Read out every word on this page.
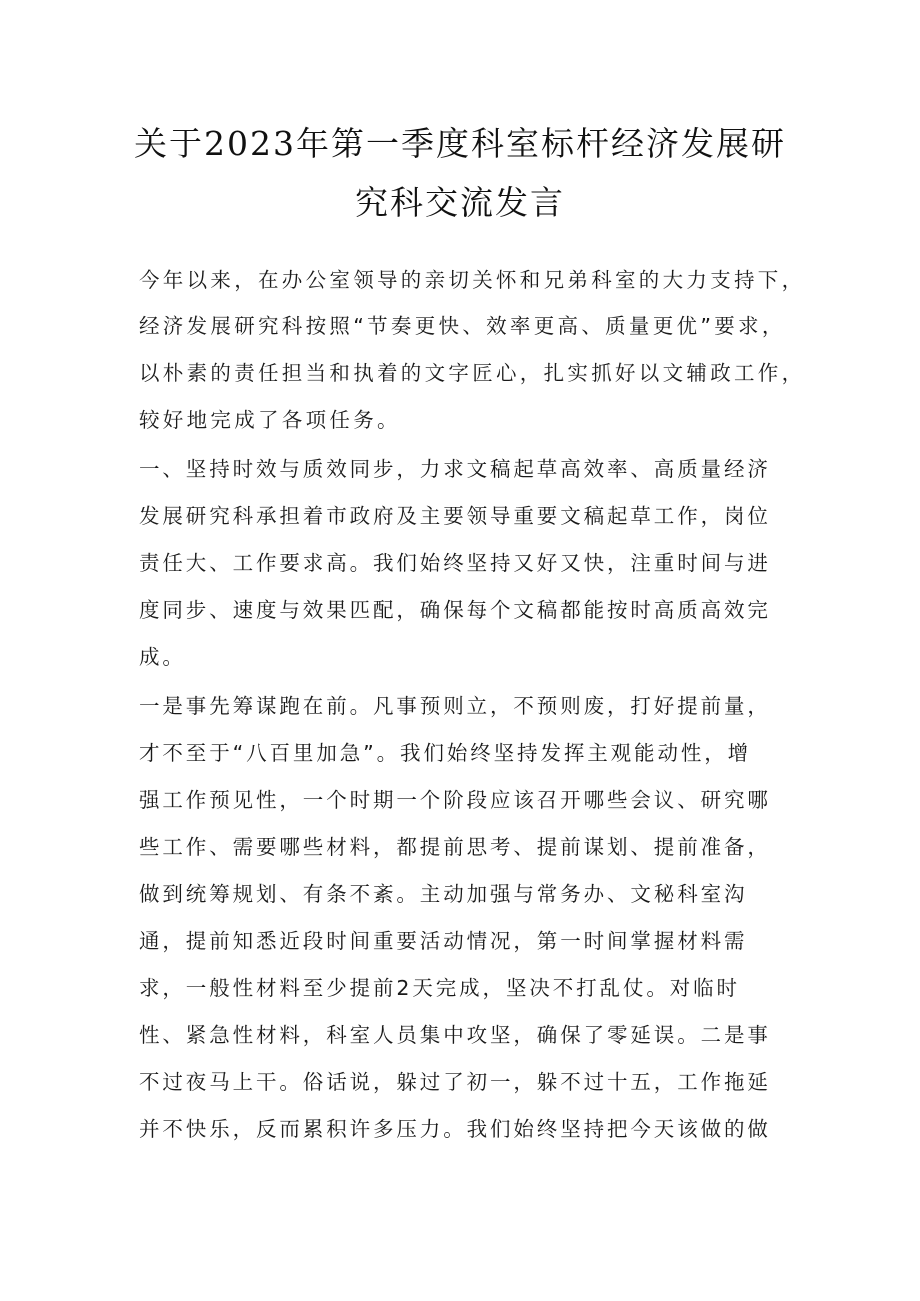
关于2023年第一季度科室标杆经济发展研
究科交流发言
今年以来，在办公室领导的亲切关怀和兄弟科室的大力支持下，
经济发展研究科按照“节奏更快、效率更高、质量更优”要求，
以朴素的责任担当和执着的文字匠心，扎实抓好以文辅政工作，
较好地完成了各项任务。
一、坚持时效与质效同步，力求文稿起草高效率、高质量经济
发展研究科承担着市政府及主要领导重要文稿起草工作，岗位
责任大、工作要求高。我们始终坚持又好又快，注重时间与进
度同步、速度与效果匹配，确保每个文稿都能按时高质高效完
成。
一是事先筹谋跑在前。凡事预则立，不预则废，打好提前量，
才不至于“八百里加急”。我们始终坚持发挥主观能动性，增
强工作预见性，一个时期一个阶段应该召开哪些会议、研究哪
些工作、需要哪些材料，都提前思考、提前谋划、提前准备，
做到统筹规划、有条不紊。主动加强与常务办、文秘科室沟
通，提前知悉近段时间重要活动情况，第一时间掌握材料需
求，一般性材料至少提前2天完成，坚决不打乱仗。对临时
性、紧急性材料，科室人员集中攻坚，确保了零延误。二是事
不过夜马上干。俗话说，躲过了初一，躲不过十五，工作拖延
并不快乐，反而累积许多压力。我们始终坚持把今天该做的做
